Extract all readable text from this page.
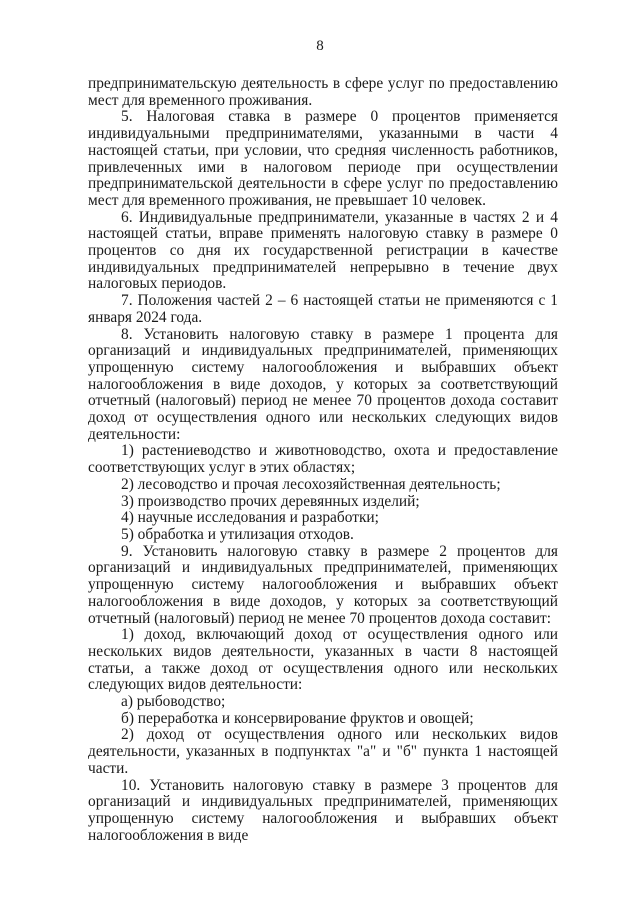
8

предпринимательскую деятельность в сфере услуг по предоставлению мест для временного проживания.

5. Налоговая ставка в размере 0 процентов применяется индивидуальными предпринимателями, указанными в части 4 настоящей статьи, при условии, что средняя численность работников, привлеченных ими в налоговом периоде при осуществлении предпринимательской деятельности в сфере услуг по предоставлению мест для временного проживания, не превышает 10 человек.

6. Индивидуальные предприниматели, указанные в частях 2 и 4 настоящей статьи, вправе применять налоговую ставку в размере 0 процентов со дня их государственной регистрации в качестве индивидуальных предпринимателей непрерывно в течение двух налоговых периодов.

7. Положения частей 2 – 6 настоящей статьи не применяются с 1 января 2024 года.

8. Установить налоговую ставку в размере 1 процента для организаций и индивидуальных предпринимателей, применяющих упрощенную систему налогообложения и выбравших объект налогообложения в виде доходов, у которых за соответствующий отчетный (налоговый) период не менее 70 процентов дохода составит доход от осуществления одного или нескольких следующих видов деятельности:

1) растениеводство и животноводство, охота и предоставление соответствующих услуг в этих областях;

2) лесоводство и прочая лесохозяйственная деятельность;

3) производство прочих деревянных изделий;

4) научные исследования и разработки;

5) обработка и утилизация отходов.

9. Установить налоговую ставку в размере 2 процентов для организаций и индивидуальных предпринимателей, применяющих упрощенную систему налогообложения и выбравших объект налогообложения в виде доходов, у которых за соответствующий отчетный (налоговый) период не менее 70 процентов дохода составит:

1) доход, включающий доход от осуществления одного или нескольких видов деятельности, указанных в части 8 настоящей статьи, а также доход от осуществления одного или нескольких следующих видов деятельности:

а) рыбоводство;

б) переработка и консервирование фруктов и овощей;

2) доход от осуществления одного или нескольких видов деятельности, указанных в подпунктах "а" и "б" пункта 1 настоящей части.

10. Установить налоговую ставку в размере 3 процентов для организаций и индивидуальных предпринимателей, применяющих упрощенную систему налогообложения и выбравших объект налогообложения в виде
